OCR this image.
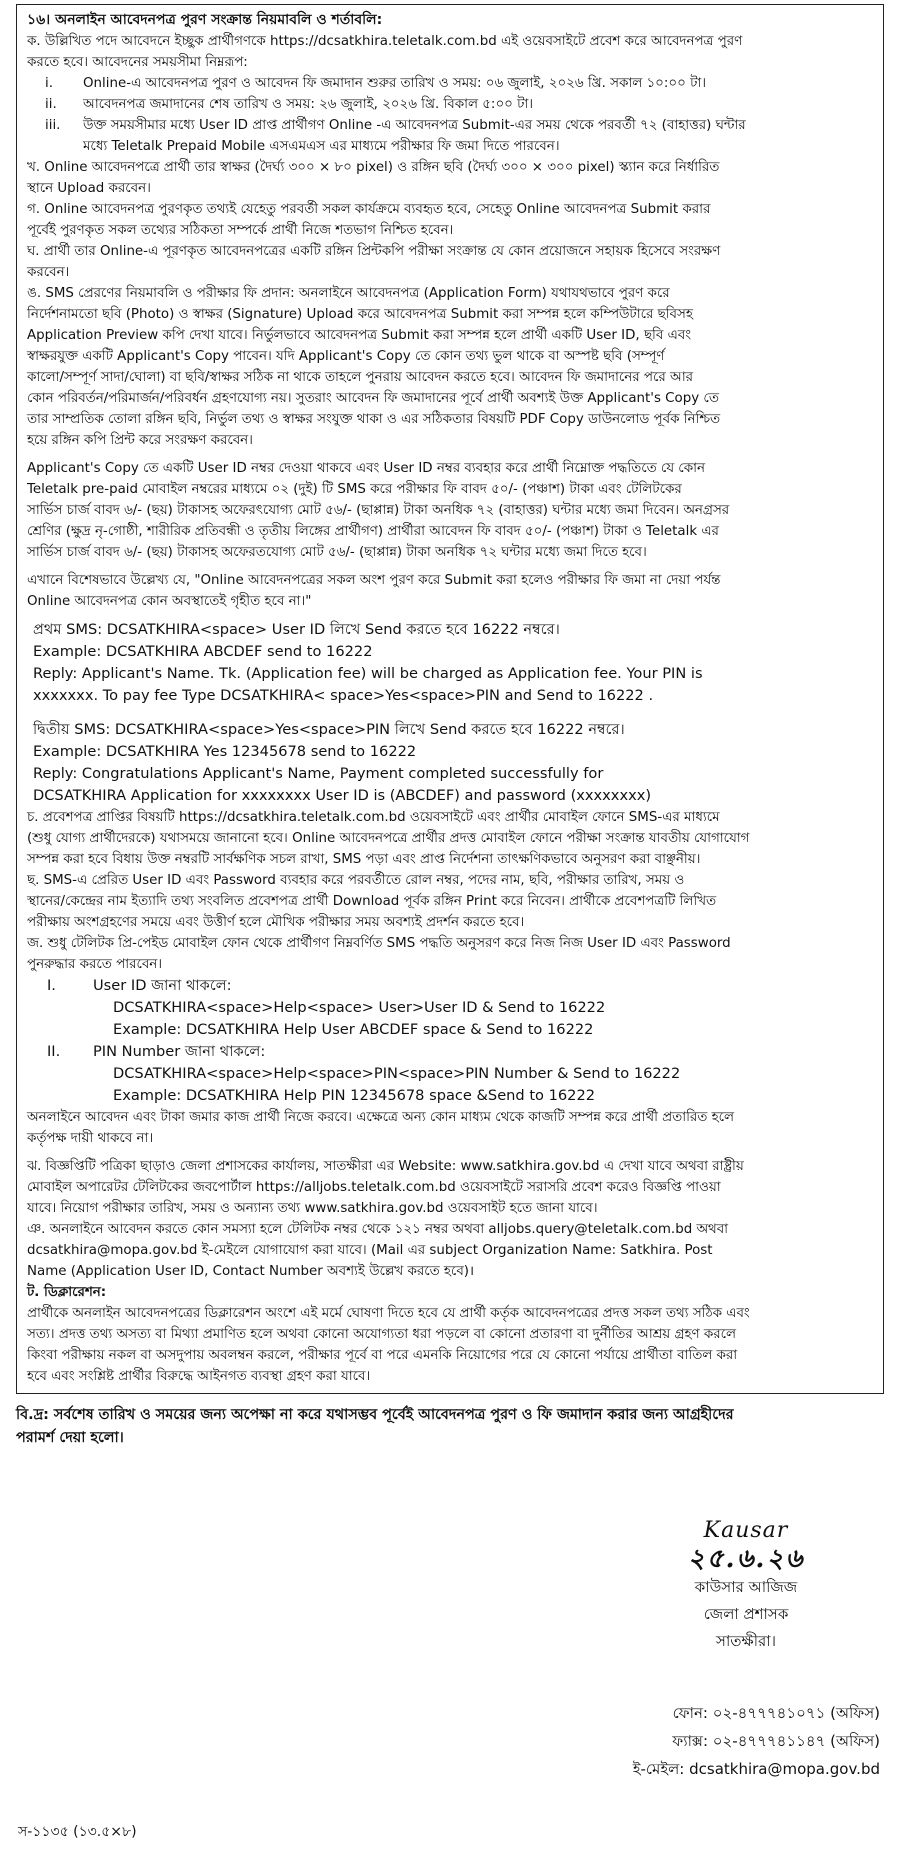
১৬। অনলাইন আবেদনপত্র পুরণ সংক্রান্ত নিয়মাবলি ও শর্তাবলি:

ক. উল্লিখিত পদে আবেদনে ইচ্ছুক প্রার্থীগণকে https://dcsatkhira.teletalk.com.bd এই ওয়েবসাইটে প্রবেশ করে আবেদনপত্র পুরণ

করতে হবে। আবেদনের সময়সীমা নিম্নরূপ:

i.	Online-এ আবেদনপত্র পুরণ ও আবেদন ফি জমাদান শুরুর তারিখ ও সময়: ০৬ জুলাই, ২০২৬ খ্রি. সকাল ১০:০০ টা।
ii.	আবেদনপত্র জমাদানের শেষ তারিখ ও সময়: ২৬ জুলাই, ২০২৬ খ্রি. বিকাল ৫:০০ টা।
iii.	উক্ত সময়সীমার মধ্যে User ID প্রাপ্ত প্রার্থীগণ Online -এ আবেদনপত্র Submit-এর সময় থেকে পরবর্তী ৭২ (বাহাত্তর) ঘন্টার

মধ্যে Teletalk Prepaid Mobile এসএমএস এর মাধ্যমে পরীক্ষার ফি জমা দিতে পারবেন।

খ. Online আবেদনপত্রে প্রার্থী তার স্বাক্ষর (দৈর্ঘ্য ৩০০ × ৮০ pixel) ও রঙ্গিন ছবি (দৈর্ঘ্য ৩০০ × ৩০০ pixel) স্ক্যান করে নির্ধারিত

স্থানে Upload করবেন।

গ. Online আবেদনপত্র পুরণকৃত তথ্যই যেহেতু পরবর্তী সকল কার্যক্রমে ব্যবহৃত হবে, সেহেতু Online আবেদনপত্র Submit করার

পূর্বেই পুরণকৃত সকল তথ্যের সঠিকতা সম্পর্কে প্রার্থী নিজে শতভাগ নিশ্চিত হবেন।

ঘ. প্রার্থী তার Online-এ পূরণকৃত আবেদনপত্রের একটি রঙ্গিন প্রিন্টকপি পরীক্ষা সংক্রান্ত যে কোন প্রয়োজনে সহায়ক হিসেবে সংরক্ষণ

করবেন।

ঙ. SMS প্রেরণের নিয়মাবলি ও পরীক্ষার ফি প্রদান: অনলাইনে আবেদনপত্র (Application Form) যথাযথভাবে পুরণ করে

নির্দেশনামতো ছবি (Photo) ও স্বাক্ষর (Signature) Upload করে আবেদনপত্র Submit করা সম্পন্ন হলে কম্পিউটারে ছবিসহ

Application Preview কপি দেখা যাবে। নির্ভুলভাবে আবেদনপত্র Submit করা সম্পন্ন হলে প্রার্থী একটি User ID, ছবি এবং

স্বাক্ষরযুক্ত একটি Applicant's Copy পাবেন। যদি Applicant's Copy তে কোন তথ্য ভুল থাকে বা অস্পষ্ট ছবি (সম্পূর্ণ

কালো/সম্পূর্ণ সাদা/ঘোলা) বা ছবি/স্বাক্ষর সঠিক না থাকে তাহলে পুনরায় আবেদন করতে হবে। আবেদন ফি জমাদানের পরে আর

কোন পরিবর্তন/পরিমার্জন/পরিবর্ধন গ্রহণযোগ্য নয়। সুতরাং আবেদন ফি জমাদানের পূর্বে প্রার্থী অবশ্যই উক্ত Applicant's Copy তে

তার সাম্প্রতিক তোলা রঙ্গিন ছবি, নির্ভুল তথ্য ও স্বাক্ষর সংযুক্ত থাকা ও এর সঠিকতার বিষয়টি PDF Copy ডাউনলোড পূর্বক নিশ্চিত

হয়ে রঙ্গিন কপি প্রিন্ট করে সংরক্ষণ করবেন।

Applicant's Copy তে একটি User ID নম্বর দেওয়া থাকবে এবং User ID নম্বর ব্যবহার করে প্রার্থী নিম্নোক্ত পদ্ধতিতে যে কোন

Teletalk pre-paid মোবাইল নম্বরের মাধ্যমে ০২ (দুই) টি SMS করে পরীক্ষার ফি বাবদ ৫০/- (পঞ্চাশ) টাকা এবং টেলিটকের

সার্ভিস চার্জ বাবদ ৬/- (ছয়) টাকাসহ অফেরৎযোগ্য মোট ৫৬/- (ছাপ্পান্ন) টাকা অনধিক ৭২ (বাহাত্তর) ঘন্টার মধ্যে জমা দিবেন। অনগ্রসর

শ্রেণির (ক্ষুদ্র নৃ-গোষ্ঠী, শারীরিক প্রতিবন্ধী ও তৃতীয় লিঙ্গের প্রার্থীগণ) প্রার্থীরা আবেদন ফি বাবদ ৫০/- (পঞ্চাশ) টাকা ও Teletalk এর

সার্ভিস চার্জ বাবদ ৬/- (ছয়) টাকাসহ অফেরতযোগ্য মোট ৫৬/- (ছাপ্পান্ন) টাকা অনধিক ৭২ ঘন্টার মধ্যে জমা দিতে হবে।

এখানে বিশেষভাবে উল্লেখ্য যে, "Online আবেদনপত্রের সকল অংশ পুরণ করে Submit করা হলেও পরীক্ষার ফি জমা না দেয়া পর্যন্ত

Online আবেদনপত্র কোন অবস্থাতেই গৃহীত হবে না।"

প্রথম SMS: DCSATKHIRA<space> User ID লিখে Send করতে হবে 16222 নম্বরে।

Example: DCSATKHIRA ABCDEF send to 16222

Reply: Applicant's Name. Tk. (Application fee) will be charged as Application fee. Your PIN is

xxxxxxx. To pay fee Type DCSATKHIRA< space>Yes<space>PIN and Send to 16222 .

দ্বিতীয় SMS: DCSATKHIRA<space>Yes<space>PIN লিখে Send করতে হবে 16222 নম্বরে।

Example: DCSATKHIRA Yes 12345678 send to 16222

Reply: Congratulations Applicant's Name, Payment completed successfully for

DCSATKHIRA Application for xxxxxxxx User ID is (ABCDEF) and password (xxxxxxxx)

চ. প্রবেশপত্র প্রাপ্তির বিষয়টি https://dcsatkhira.teletalk.com.bd ওয়েবসাইটে এবং প্রার্থীর মোবাইল ফোনে SMS-এর মাধ্যমে

(শুধু যোগ্য প্রার্থীদেরকে) যথাসময়ে জানানো হবে। Online আবেদনপত্রে প্রার্থীর প্রদত্ত মোবাইল ফোনে পরীক্ষা সংক্রান্ত যাবতীয় যোগাযোগ

সম্পন্ন করা হবে বিধায় উক্ত নম্বরটি সার্বক্ষণিক সচল রাখা, SMS পড়া এবং প্রাপ্ত নির্দেশনা তাৎক্ষণিকভাবে অনুসরণ করা বাঞ্ছনীয়।

ছ. SMS-এ প্রেরিত User ID এবং Password ব্যবহার করে পরবর্তীতে রোল নম্বর, পদের নাম, ছবি, পরীক্ষার তারিখ, সময় ও

স্থানের/কেন্দ্রের নাম ইত্যাদি তথ্য সংবলিত প্রবেশপত্র প্রার্থী Download পূর্বক রঙ্গিন Print করে নিবেন। প্রার্থীকে প্রবেশপত্রটি লিখিত

পরীক্ষায় অংশগ্রহণের সময়ে এবং উত্তীর্ণ হলে মৌখিক পরীক্ষার সময় অবশ্যই প্রদর্শন করতে হবে।

জ. শুধু টেলিটক প্রি-পেইড মোবাইল ফোন থেকে প্রার্থীগণ নিম্নবর্ণিত SMS পদ্ধতি অনুসরণ করে নিজ নিজ User ID এবং Password

পুনরুদ্ধার করতে পারবেন।

I.	User ID জানা থাকলে:

DCSATKHIRA<space>Help<space> User>User ID & Send to 16222

Example: DCSATKHIRA Help User ABCDEF space & Send to 16222

II.	PIN Number জানা থাকলে:

DCSATKHIRA<space>Help<space>PIN<space>PIN Number & Send to 16222

Example: DCSATKHIRA Help PIN 12345678 space &Send to 16222

অনলাইনে আবেদন এবং টাকা জমার কাজ প্রার্থী নিজে করবে। এক্ষেত্রে অন্য কোন মাধ্যম থেকে কাজটি সম্পন্ন করে প্রার্থী প্রতারিত হলে

কর্তৃপক্ষ দায়ী থাকবে না।

ঝ. বিজ্ঞপ্তিটি পত্রিকা ছাড়াও জেলা প্রশাসকের কার্যালয়, সাতক্ষীরা এর Website: www.satkhira.gov.bd এ দেখা যাবে অথবা রাষ্ট্রীয়

মোবাইল অপারেটর টেলিটকের জবপোর্টাল https://alljobs.teletalk.com.bd ওয়েবসাইটে সরাসরি প্রবেশ করেও বিজ্ঞপ্তি পাওয়া

যাবে। নিয়োগ পরীক্ষার তারিখ, সময় ও অন্যান্য তথ্য www.satkhira.gov.bd ওয়েবসাইট হতে জানা যাবে।

ঞ. অনলাইনে আবেদন করতে কোন সমস্যা হলে টেলিটক নম্বর থেকে ১২১ নম্বর অথবা alljobs.query@teletalk.com.bd অথবা

dcsatkhira@mopa.gov.bd ই-মেইলে যোগাযোগ করা যাবে। (Mail এর subject Organization Name: Satkhira. Post

Name (Application User ID, Contact Number অবশ্যই উল্লেখ করতে হবে)।

ট. ডিক্লারেশন:

প্রার্থীকে অনলাইন আবেদনপত্রের ডিক্লারেশন অংশে এই মর্মে ঘোষণা দিতে হবে যে প্রার্থী কর্তৃক আবেদনপত্রের প্রদত্ত সকল তথ্য সঠিক এবং

সত্য। প্রদত্ত তথ্য অসত্য বা মিথ্যা প্রমাণিত হলে অথবা কোনো অযোগ্যতা ধরা পড়লে বা কোনো প্রতারণা বা দুর্নীতির আশ্রয় গ্রহণ করলে

কিংবা পরীক্ষায় নকল বা অসদুপায় অবলম্বন করলে, পরীক্ষার পূর্বে বা পরে এমনকি নিয়োগের পরে যে কোনো পর্যায়ে প্রার্থীতা বাতিল করা

হবে এবং সংশ্লিষ্ট প্রার্থীর বিরুদ্ধে আইনগত ব্যবস্থা গ্রহণ করা যাবে।

বি.দ্র: সর্বশেষ তারিখ ও সময়ের জন্য অপেক্ষা না করে যথাসম্ভব পূর্বেই আবেদনপত্র পুরণ ও ফি জমাদান করার জন্য আগ্রহীদের

পরামর্শ দেয়া হলো।

Kausar
২৫.৬.২৬
কাউসার আজিজ
জেলা প্রশাসক
সাতক্ষীরা।
ফোন: ০২-৪৭৭৭৪১০৭১ (অফিস)
ফ্যাক্স: ০২-৪৭৭৭৪১১৪৭ (অফিস)
ই-মেইল: dcsatkhira@mopa.gov.bd
স-১১৩৫ (১৩.৫×৮)
